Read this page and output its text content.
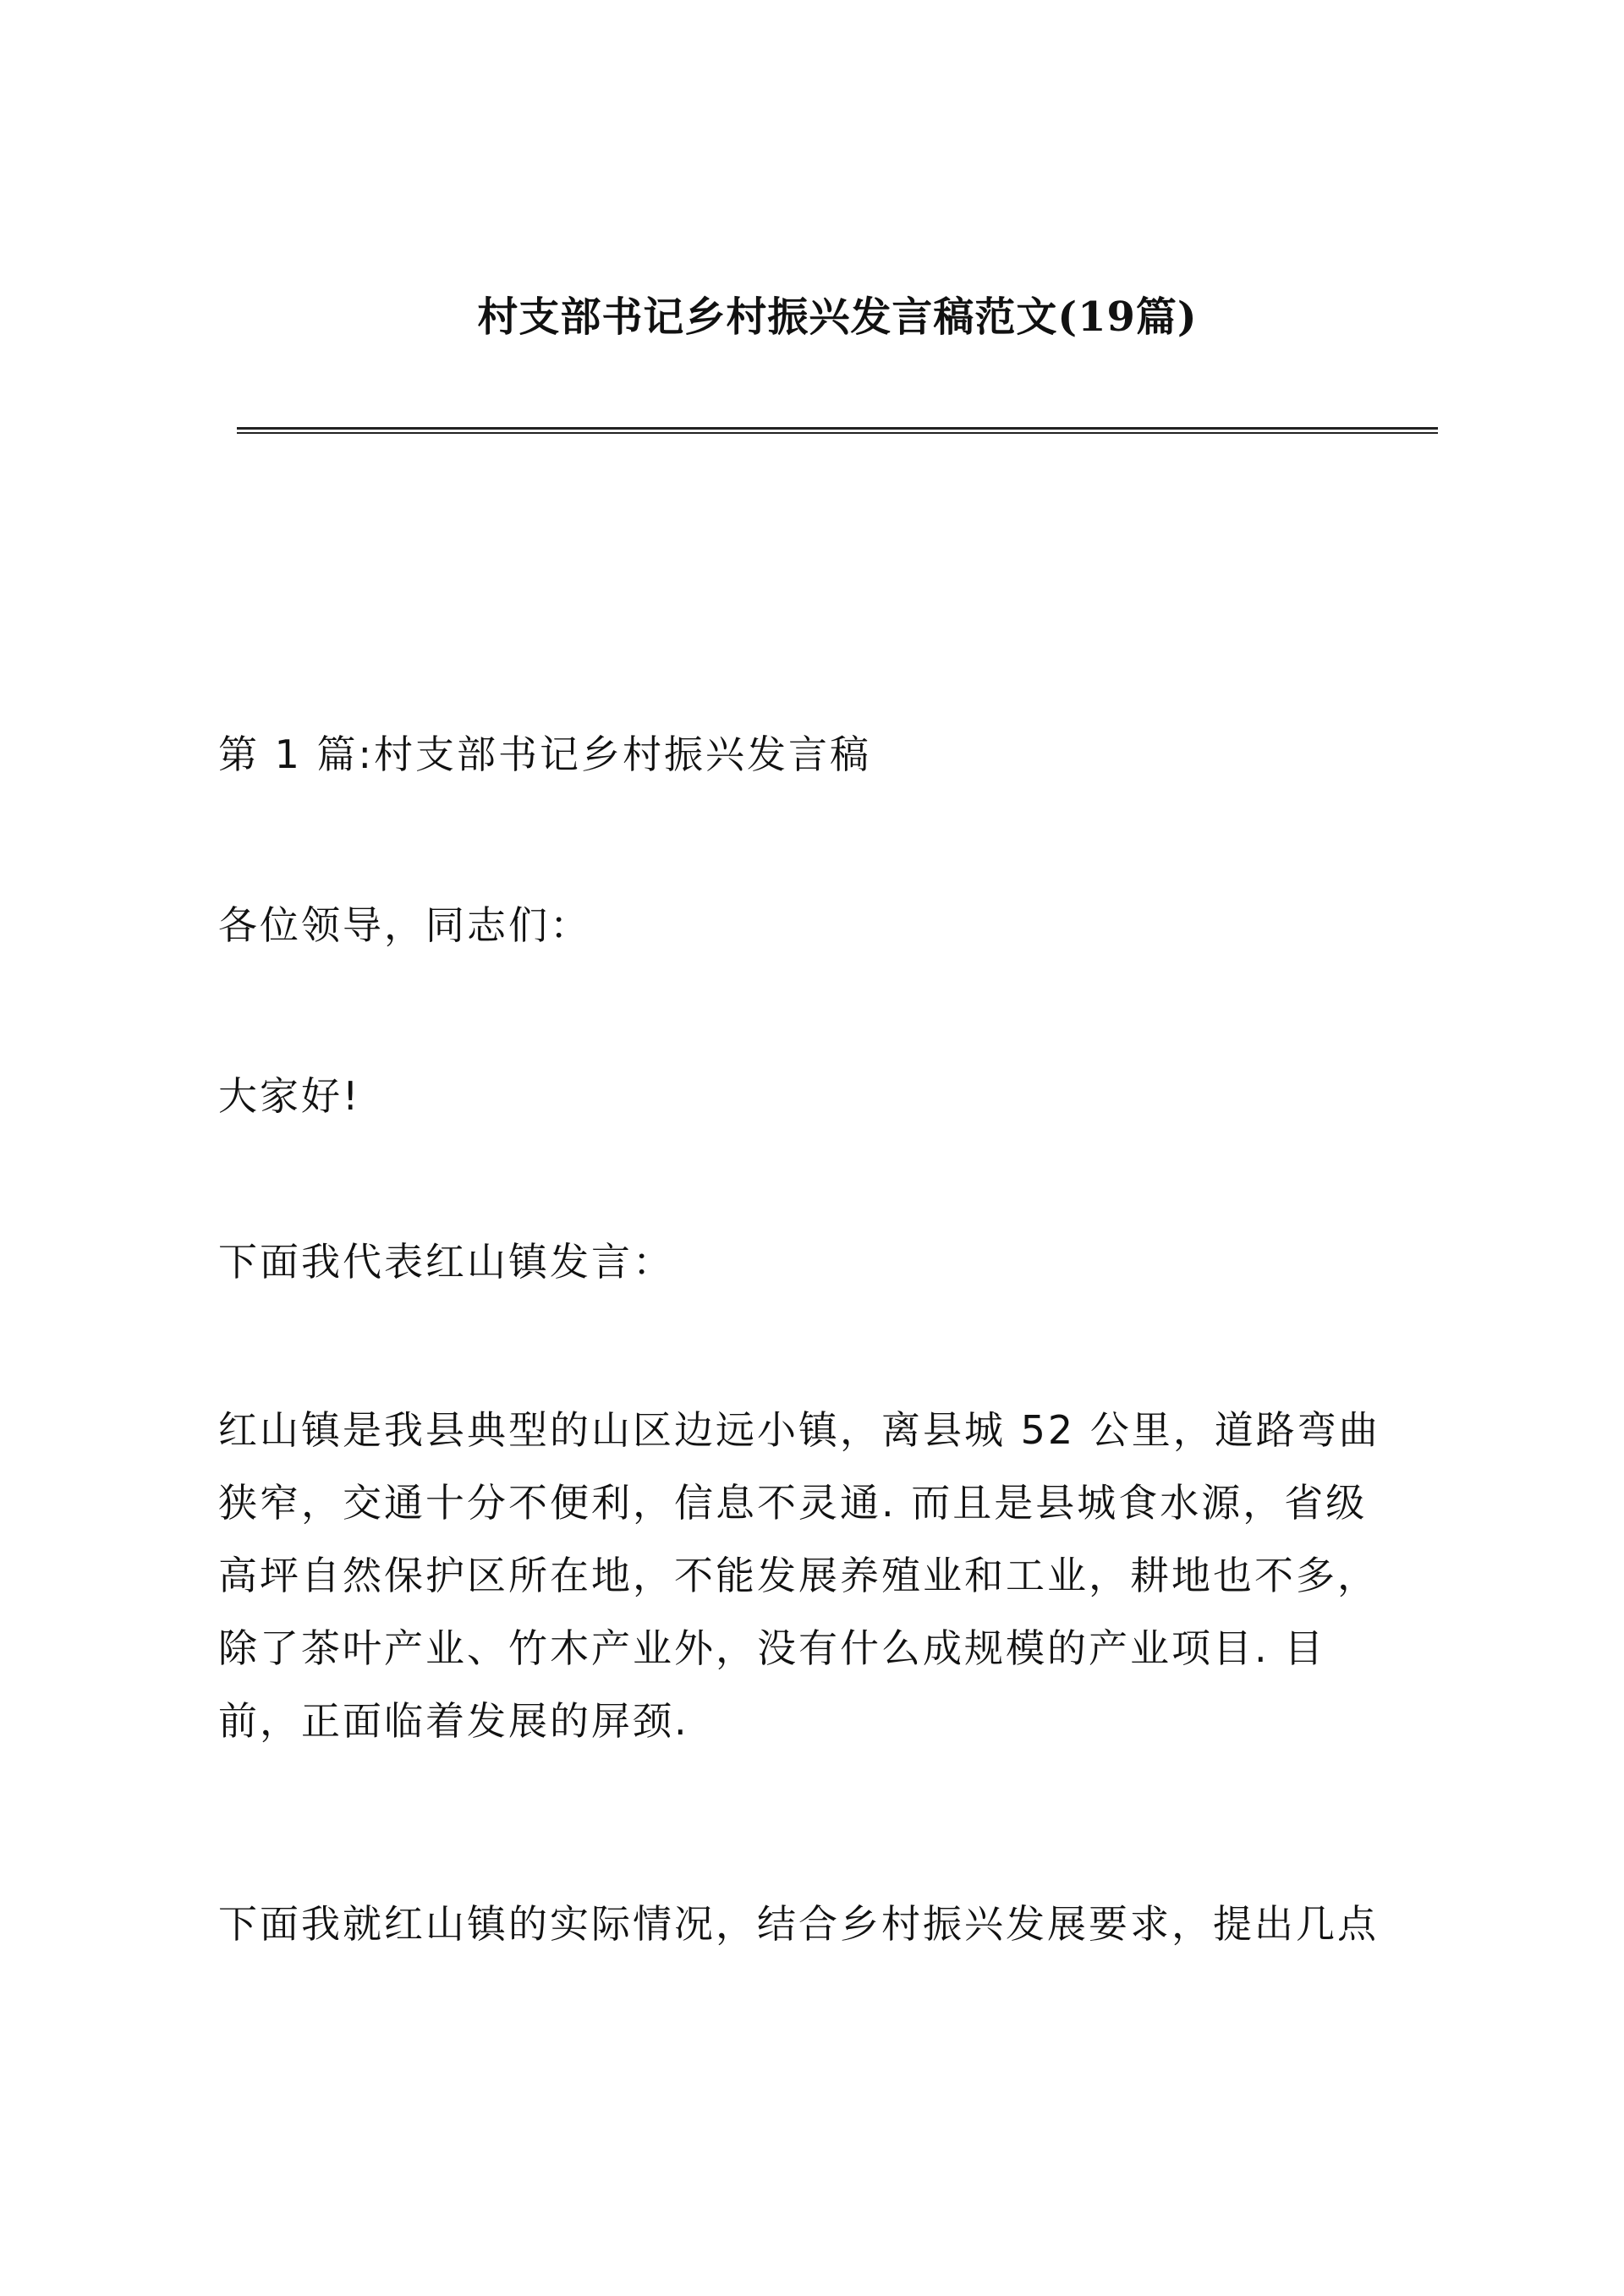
村支部书记乡村振兴发言稿范文(19篇)
第 1 篇:村支部书记乡村振兴发言稿
各位领导，同志们：
大家好!
下面我代表红山镇发言：
红山镇是我县典型的山区边远小镇，离县城 52 公里，道路弯曲
狭窄，交通十分不便利，信息不灵通. 而且是县城食水源，省级
高坪自然保护区所在地，不能发展养殖业和工业，耕地也不多，
除了茶叶产业、竹木产业外，没有什么成规模的产业项目. 目
前，正面临着发展的屏颈.
下面我就红山镇的实际情况，结合乡村振兴发展要求，提出几点
